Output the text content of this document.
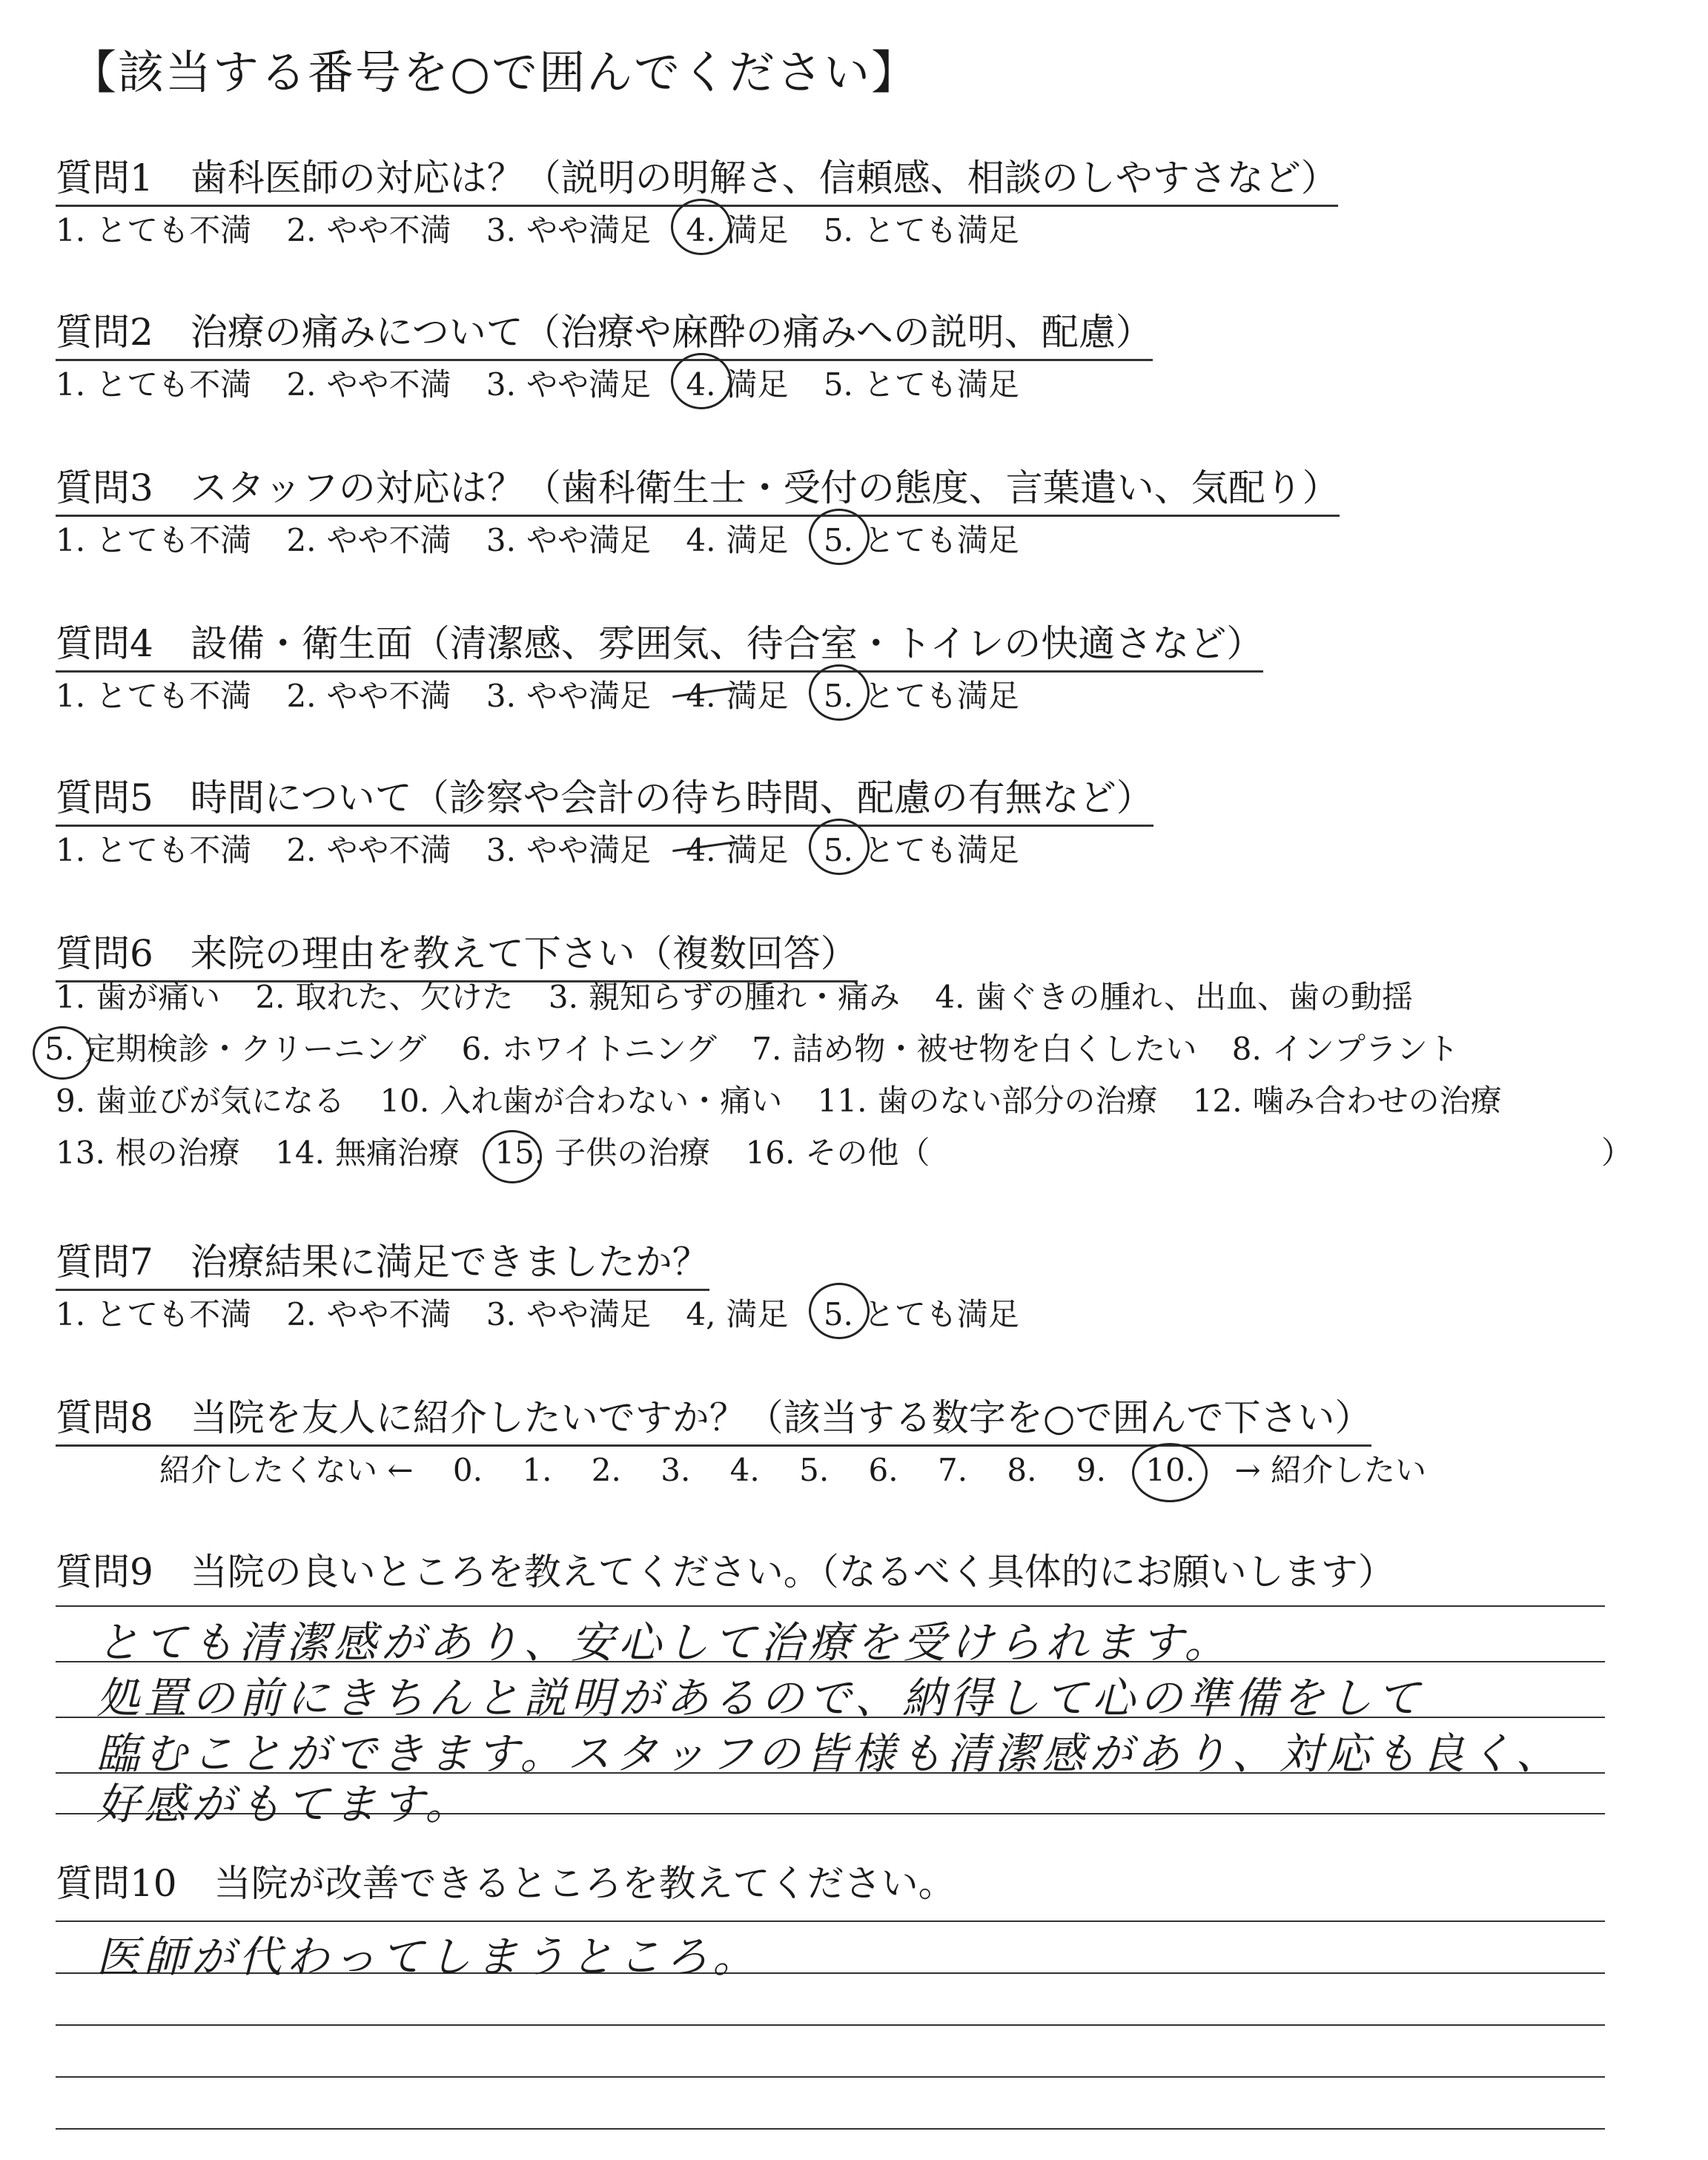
【該当する番号を○で囲んでください】
質問1　歯科医師の対応は？（説明の明解さ、信頼感、相談のしやすさなど）
1. とても不満 2. やや不満 3. やや満足 4. 満足 5. とても満足
質問2　治療の痛みについて（治療や麻酔の痛みへの説明、配慮）
1. とても不満 2. やや不満 3. やや満足 4. 満足 5. とても満足
質問3　スタッフの対応は？（歯科衛生士・受付の態度、言葉遣い、気配り）
1. とても不満 2. やや不満 3. やや満足 4. 満足 5. とても満足
質問4　設備・衛生面（清潔感、雰囲気、待合室・トイレの快適さなど）
1. とても不満 2. やや不満 3. やや満足 4. 満足 5. とても満足
質問5　時間について（診察や会計の待ち時間、配慮の有無など）
1. とても不満 2. やや不満 3. やや満足 4. 満足 5. とても満足
質問6　来院の理由を教えて下さい（複数回答）
1. 歯が痛い 2. 取れた、欠けた 3. 親知らずの腫れ・痛み 4. 歯ぐきの腫れ、出血、歯の動揺
5. 定期検診・クリーニング 6. ホワイトニング 7. 詰め物・被せ物を白くしたい 8. インプラント
9. 歯並びが気になる 10. 入れ歯が合わない・痛い 11. 歯のない部分の治療 12. 噛み合わせの治療
13. 根の治療 14. 無痛治療 15. 子供の治療 16. その他（	）
質問7　治療結果に満足できましたか？
1. とても不満 2. やや不満 3. やや満足 4, 満足 5. とても満足
質問8　当院を友人に紹介したいですか？（該当する数字を○で囲んで下さい）
紹介したくない ← 0. 1. 2. 3. 4. 5. 6. 7. 8. 9. 10. → 紹介したい
質問9　当院の良いところを教えてください。（なるべく具体的にお願いします）
とても清潔感があり、安心して治療を受けられます。
処置の前にきちんと説明があるので、納得して心の準備をして
臨むことができます。スタッフの皆様も清潔感があり、対応も良く、
好感がもてます。
質問10　当院が改善できるところを教えてください。
医師が代わってしまうところ。
